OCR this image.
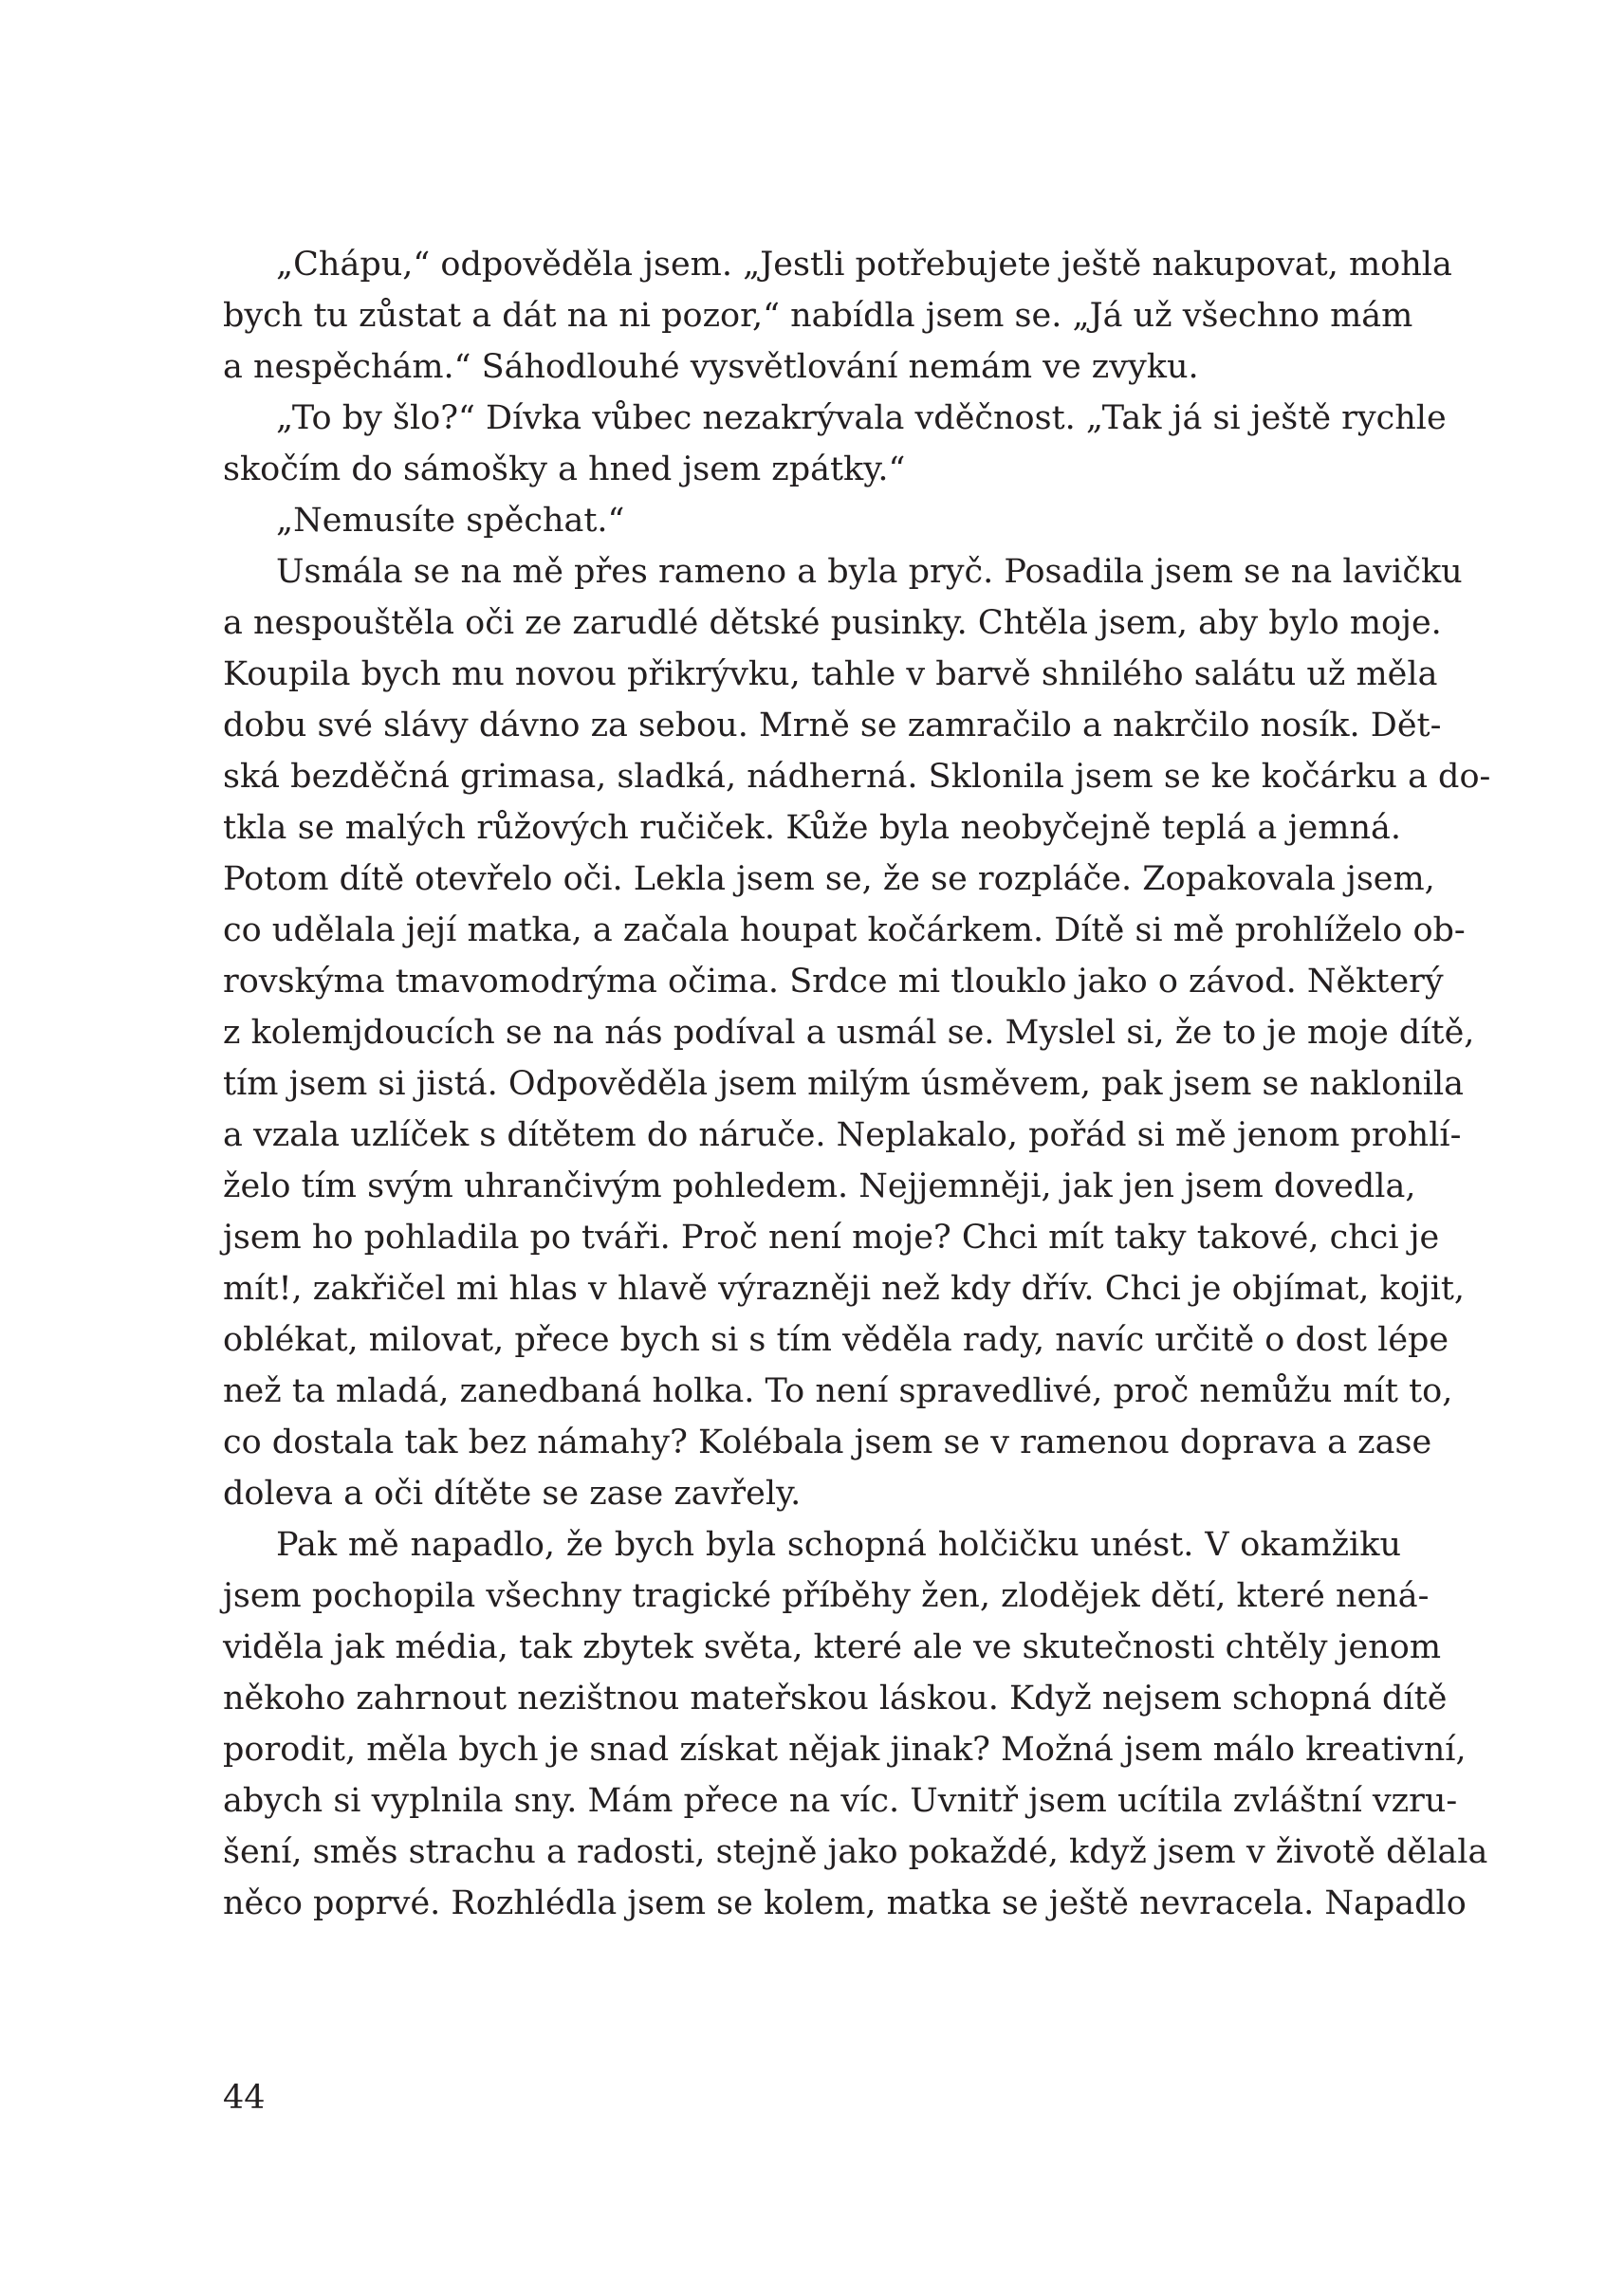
„Chápu,“ odpověděla jsem. „Jestli potřebujete ještě nakupovat, mohla
bych tu zůstat a dát na ni pozor,“ nabídla jsem se. „Já už všechno mám
a nespěchám.“ Sáhodlouhé vysvětlování nemám ve zvyku.
„To by šlo?“ Dívka vůbec nezakrývala vděčnost. „Tak já si ještě rychle
skočím do sámošky a hned jsem zpátky.“
„Nemusíte spěchat.“
Usmála se na mě přes rameno a byla pryč. Posadila jsem se na lavičku
a nespouštěla oči ze zarudlé dětské pusinky. Chtěla jsem, aby bylo moje.
Koupila bych mu novou přikrývku, tahle v barvě shnilého salátu už měla
dobu své slávy dávno za sebou. Mrně se zamračilo a nakrčilo nosík. Dět-
ská bezděčná grimasa, sladká, nádherná. Sklonila jsem se ke kočárku a do-
tkla se malých růžových ručiček. Kůže byla neobyčejně teplá a jemná.
Potom dítě otevřelo oči. Lekla jsem se, že se rozpláče. Zopakovala jsem,
co udělala její matka, a začala houpat kočárkem. Dítě si mě prohlíželo ob-
rovskýma tmavomodrýma očima. Srdce mi tlouklo jako o závod. Některý
z kolemjdoucích se na nás podíval a usmál se. Myslel si, že to je moje dítě,
tím jsem si jistá. Odpověděla jsem milým úsměvem, pak jsem se naklonila
a vzala uzlíček s dítětem do náruče. Neplakalo, pořád si mě jenom prohlí-
želo tím svým uhrančivým pohledem. Nejjemněji, jak jen jsem dovedla,
jsem ho pohladila po tváři. Proč není moje? Chci mít taky takové, chci je
mít!, zakřičel mi hlas v hlavě výrazněji než kdy dřív. Chci je objímat, kojit,
oblékat, milovat, přece bych si s tím věděla rady, navíc určitě o dost lépe
než ta mladá, zanedbaná holka. To není spravedlivé, proč nemůžu mít to,
co dostala tak bez námahy? Kolébala jsem se v ramenou doprava a zase
doleva a oči dítěte se zase zavřely.
Pak mě napadlo, že bych byla schopná holčičku unést. V okamžiku
jsem pochopila všechny tragické příběhy žen, zlodějek dětí, které nená-
viděla jak média, tak zbytek světa, které ale ve skutečnosti chtěly jenom
někoho zahrnout nezištnou mateřskou láskou. Když nejsem schopná dítě
porodit, měla bych je snad získat nějak jinak? Možná jsem málo kreativní,
abych si vyplnila sny. Mám přece na víc. Uvnitř jsem ucítila zvláštní vzru-
šení, směs strachu a radosti, stejně jako pokaždé, když jsem v životě dělala
něco poprvé. Rozhlédla jsem se kolem, matka se ještě nevracela. Napadlo
44
